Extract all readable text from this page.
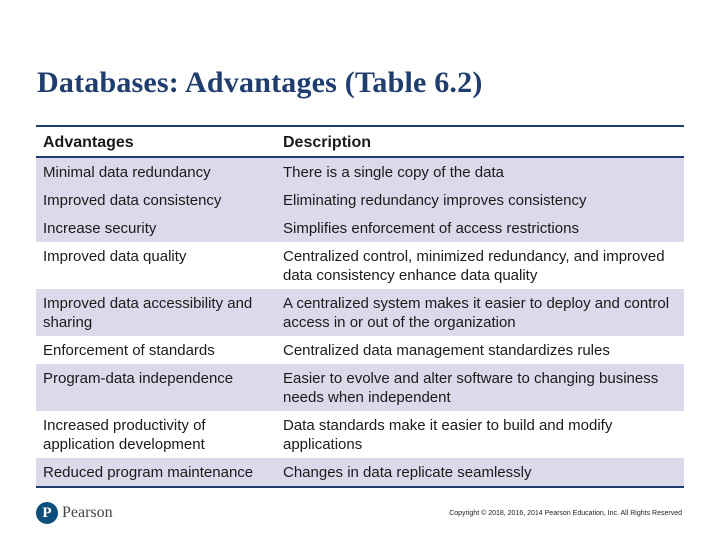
Databases: Advantages (Table 6.2)
Advantages	Description
Minimal data redundancy	There is a single copy of the data
Improved data consistency	Eliminating redundancy improves consistency
Increase security	Simplifies enforcement of access restrictions
Improved data quality	Centralized control, minimized redundancy, and improved data consistency enhance data quality
Improved data accessibility and sharing	A centralized system makes it easier to deploy and control access in or out of the organization
Enforcement of standards	Centralized data management standardizes rules
Program-data independence	Easier to evolve and alter software to changing business needs when independent
Increased productivity of application development	Data standards make it easier to build and modify applications
Reduced program maintenance	Changes in data replicate seamlessly
P Pearson	Copyright © 2018, 2016, 2014 Pearson Education, Inc. All Rights Reserved
